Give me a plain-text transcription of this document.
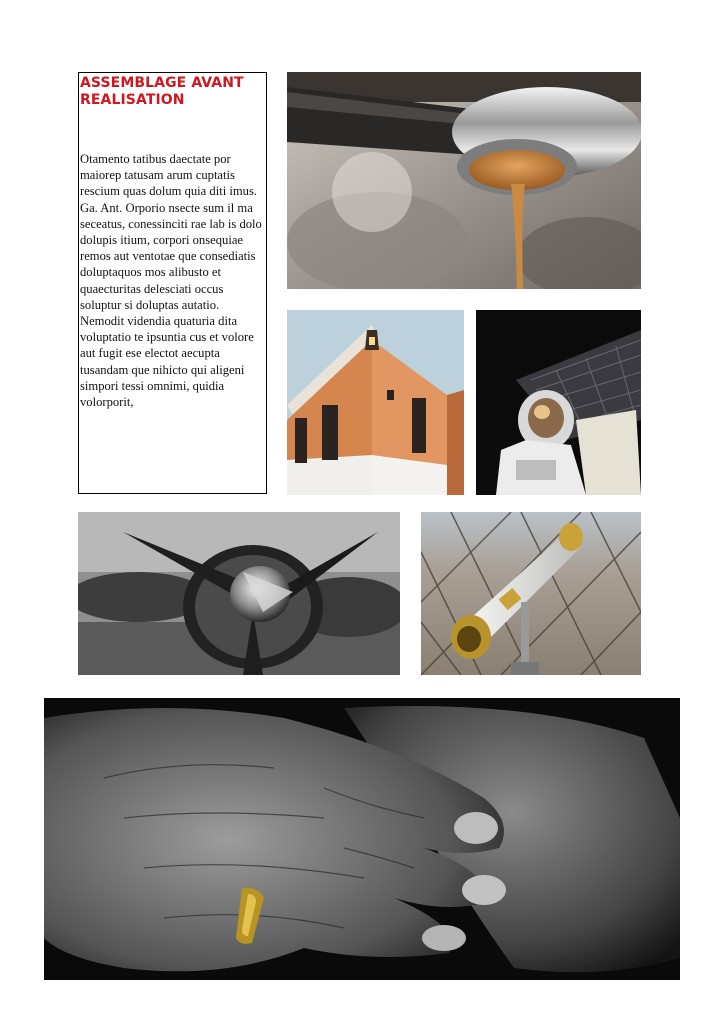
ASSEMBLAGE AVANT REALISATION

Otamento tatibus daectate por maiorep tatusam arum cuptatis rescium quas dolum quia diti imus.

Ga. Ant. Orporio nsecte sum il ma seceatus, conessinciti rae lab is dolo dolupis itium, corpori onsequiae remos aut ventotae que consediatis doluptaquos mos alibusto et quaecturitas delesciati occus soluptur si doluptas autatio. Nemodit videndia quaturia dita voluptatio te ipsuntia cus et volore aut fugit ese electot aecupta tusandam que nihicto qui aligeni simpori tessi omnimi, quidia volorporit,
